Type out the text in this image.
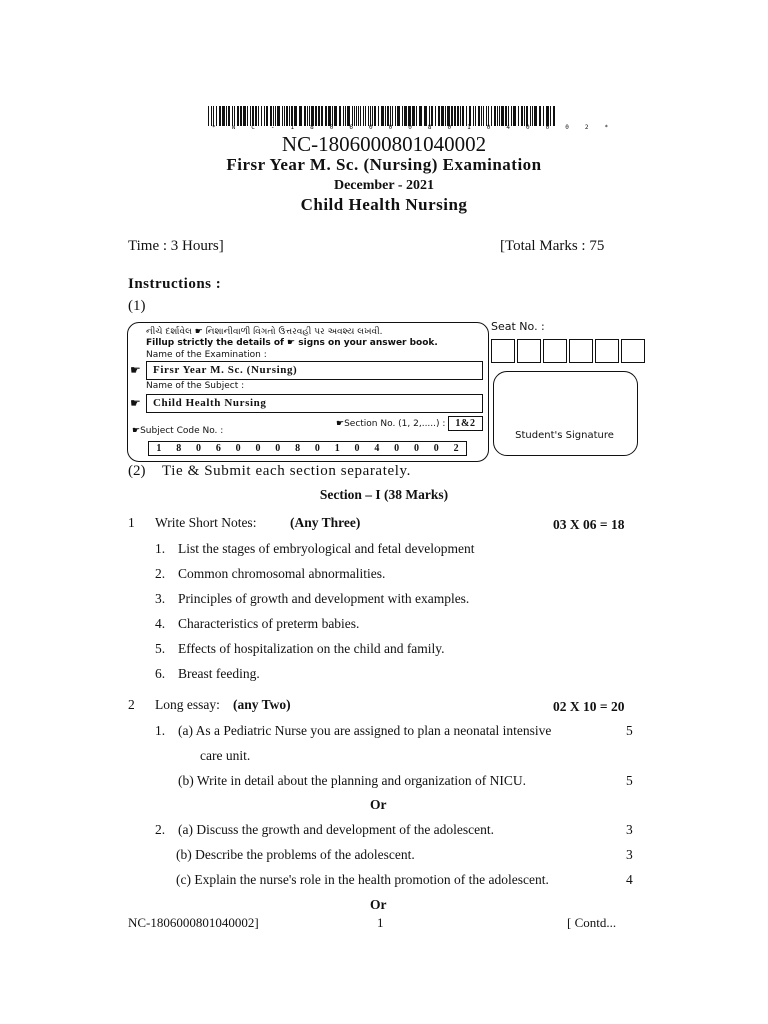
* N C - 1 8 0 6 0 0 0 8 0 1 0 4 0 0 0 2 *
NC-1806000801040002
Firsr Year M. Sc. (Nursing) Examination
December - 2021
Child Health Nursing
Time : 3 Hours]	[Total Marks : 75
Instructions :
(1)
નીચે દર્શાવેલ ☛ નિશાનીવાળી વિગતો ઉત્તરવહી પર અવશ્ય લખવી.
Fillup strictly the details of ☛ signs on your answer book.
Name of the Examination :
☛	Firsr Year M. Sc. (Nursing)
Name of the Subject :
☛	Child Health Nursing
☛Section No. (1, 2,.....) : 1&2
☛Subject Code No. :
1	8	0	6	0	0	0	8	0	1	0	4	0	0	0	2
Seat No. :
Student's Signature
(2) Tie & Submit each section separately.
Section – I (38 Marks)
1 Write Short Notes: (Any Three)	03 X 06 = 18
1. List the stages of embryological and fetal development
2. Common chromosomal abnormalities.
3. Principles of growth and development with examples.
4. Characteristics of preterm babies.
5. Effects of hospitalization on the child and family.
6. Breast feeding.
2 Long essay: (any Two)	02 X 10 = 20
1. (a) As a Pediatric Nurse you are assigned to plan a neonatal intensive	5
care unit.
(b) Write in detail about the planning and organization of NICU.	5
Or
2. (a) Discuss the growth and development of the adolescent.	3
(b) Describe the problems of the adolescent.	3
(c) Explain the nurse's role in the health promotion of the adolescent.	4
Or
NC-1806000801040002]	1	[ Contd...
